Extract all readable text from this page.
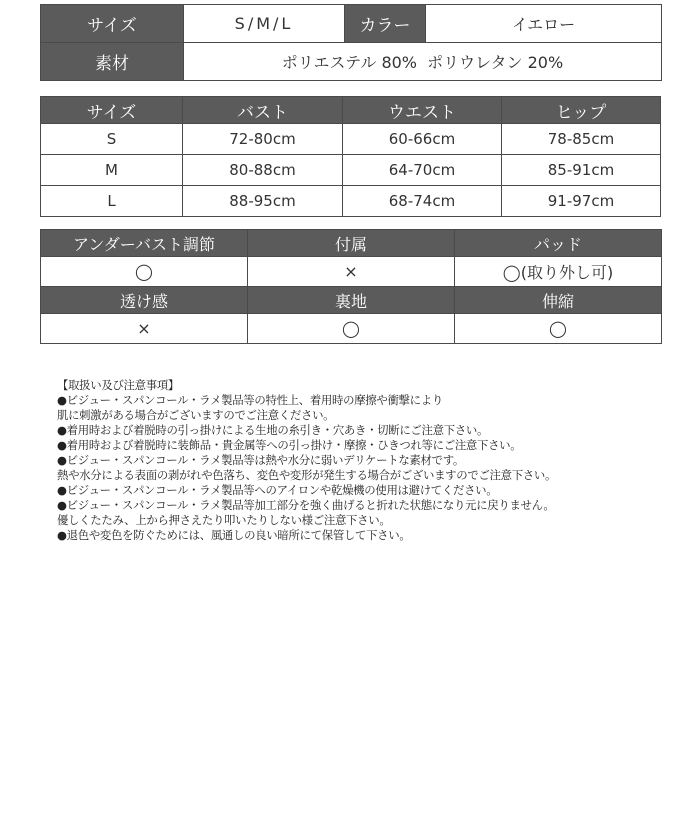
サイズ	S/M/L	カラー	イエロー
素材	ポリエステル 80%  ポリウレタン 20%		
サイズ	バスト	ウエスト	ヒップ
S	72-80cm	60-66cm	78-85cm
M	80-88cm	64-70cm	85-91cm
L	88-95cm	68-74cm	91-97cm
アンダーバスト調節	付属	パッド
◯	×	◯(取り外し可)
透け感	裏地	伸縮
×	◯	◯
【取扱い及び注意事項】
●ビジュー・スパンコール・ラメ製品等の特性上、着用時の摩擦や衝撃により
肌に刺激がある場合がございますのでご注意ください。
●着用時および着脱時の引っ掛けによる生地の糸引き・穴あき・切断にご注意下さい。
●着用時および着脱時に装飾品・貴金属等への引っ掛け・摩擦・ひきつれ等にご注意下さい。
●ビジュー・スパンコール・ラメ製品等は熱や水分に弱いデリケートな素材です。
熱や水分による表面の剥がれや色落ち、変色や変形が発生する場合がございますのでご注意下さい。
●ビジュー・スパンコール・ラメ製品等へのアイロンや乾燥機の使用は避けてください。
●ビジュー・スパンコール・ラメ製品等加工部分を強く曲げると折れた状態になり元に戻りません。
優しくたたみ、上から押さえたり叩いたりしない様ご注意下さい。
●退色や変色を防ぐためには、風通しの良い暗所にて保管して下さい。
